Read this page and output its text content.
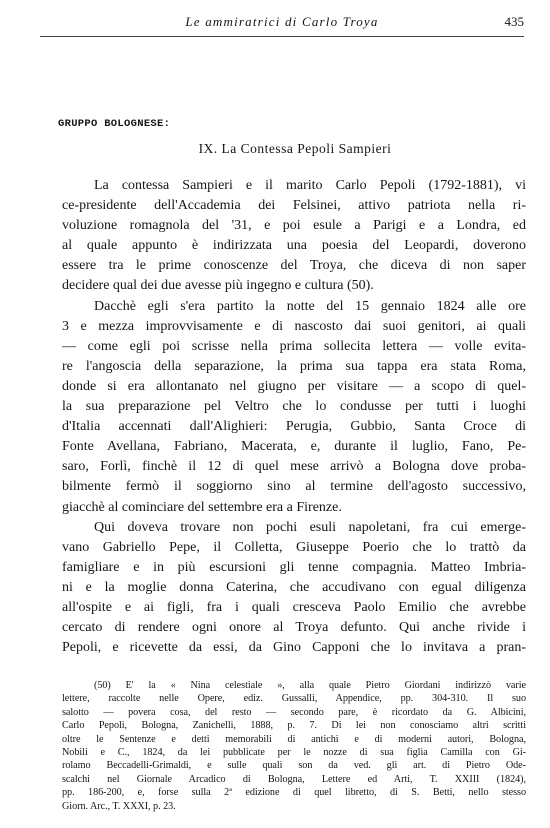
Le ammiratrici di Carlo Troya	435
GRUPPO BOLOGNESE:
IX. La Contessa Pepoli Sampieri
La contessa Sampieri e il marito Carlo Pepoli (1792-1881), vi
ce-presidente dell'Accademia dei Felsinei, attivo patriota nella ri-
voluzione romagnola del '31, e poi esule a Parigi e a Londra, ed
al quale appunto è indirizzata una poesia del Leopardi, doverono
essere tra le prime conoscenze del Troya, che diceva di non saper
decidere qual dei due avesse più ingegno e cultura (50).
Dacchè egli s'era partito la notte del 15 gennaio 1824 alle ore
3 e mezza improvvisamente e di nascosto dai suoi genitori, ai quali
— come egli poi scrisse nella prima sollecita lettera — volle evita-
re l'angoscia della separazione, la prima sua tappa era stata Roma,
donde si era allontanato nel giugno per visitare — a scopo di quel-
la sua preparazione pel Veltro che lo condusse per tutti i luoghi
d'Italia accennati dall'Alighieri: Perugia, Gubbio, Santa Croce di
Fonte Avellana, Fabriano, Macerata, e, durante il luglio, Fano, Pe-
saro, Forlì, finchè il 12 di quel mese arrivò a Bologna dove proba-
bilmente fermò il soggiorno sino al termine dell'agosto successivo,
giacchè al cominciare del settembre era a Firenze.
Qui doveva trovare non pochi esuli napoletani, fra cui emerge-
vano Gabriello Pepe, il Colletta, Giuseppe Poerio che lo trattò da
famigliare e in più escursioni gli tenne compagnia. Matteo Imbria-
ni e la moglie donna Caterina, che accudivano con egual diligenza
all'ospite e ai figli, fra i quali cresceva Paolo Emilio che avrebbe
cercato di rendere ogni onore al Troya defunto. Qui anche rivide i
Pepoli, e ricevette da essi, da Gino Capponi che lo invitava a pran-
(50) E' la « Nina celestiale », alla quale Pietro Giordani indirizzò varie
lettere, raccolte nelle Opere, ediz. Gussalli, Appendice, pp. 304-310. Il suo
salotto — povera cosa, del resto — secondo pare, è ricordato da G. Albicini,
Carlo Pepoli, Bologna, Zanichelli, 1888, p. 7. Di lei non conosciamo altri scritti
oltre le Sentenze e detti memorabili di antichi e di moderni autori, Bologna,
Nobili e C., 1824, da lei pubblicate per le nozze di sua figlia Camilla con Gi-
rolamo Beccadelli-Grimaldi, e sulle quali son da ved. gli art. di Pietro Ode-
scalchi nel Giornale Arcadico di Bologna, Lettere ed Arti, T. XXIII (1824),
pp. 186-200, e, forse sulla 2ª edizione di quel libretto, di S. Betti, nello stesso
Giorn. Arc., T. XXXI, p. 23.
